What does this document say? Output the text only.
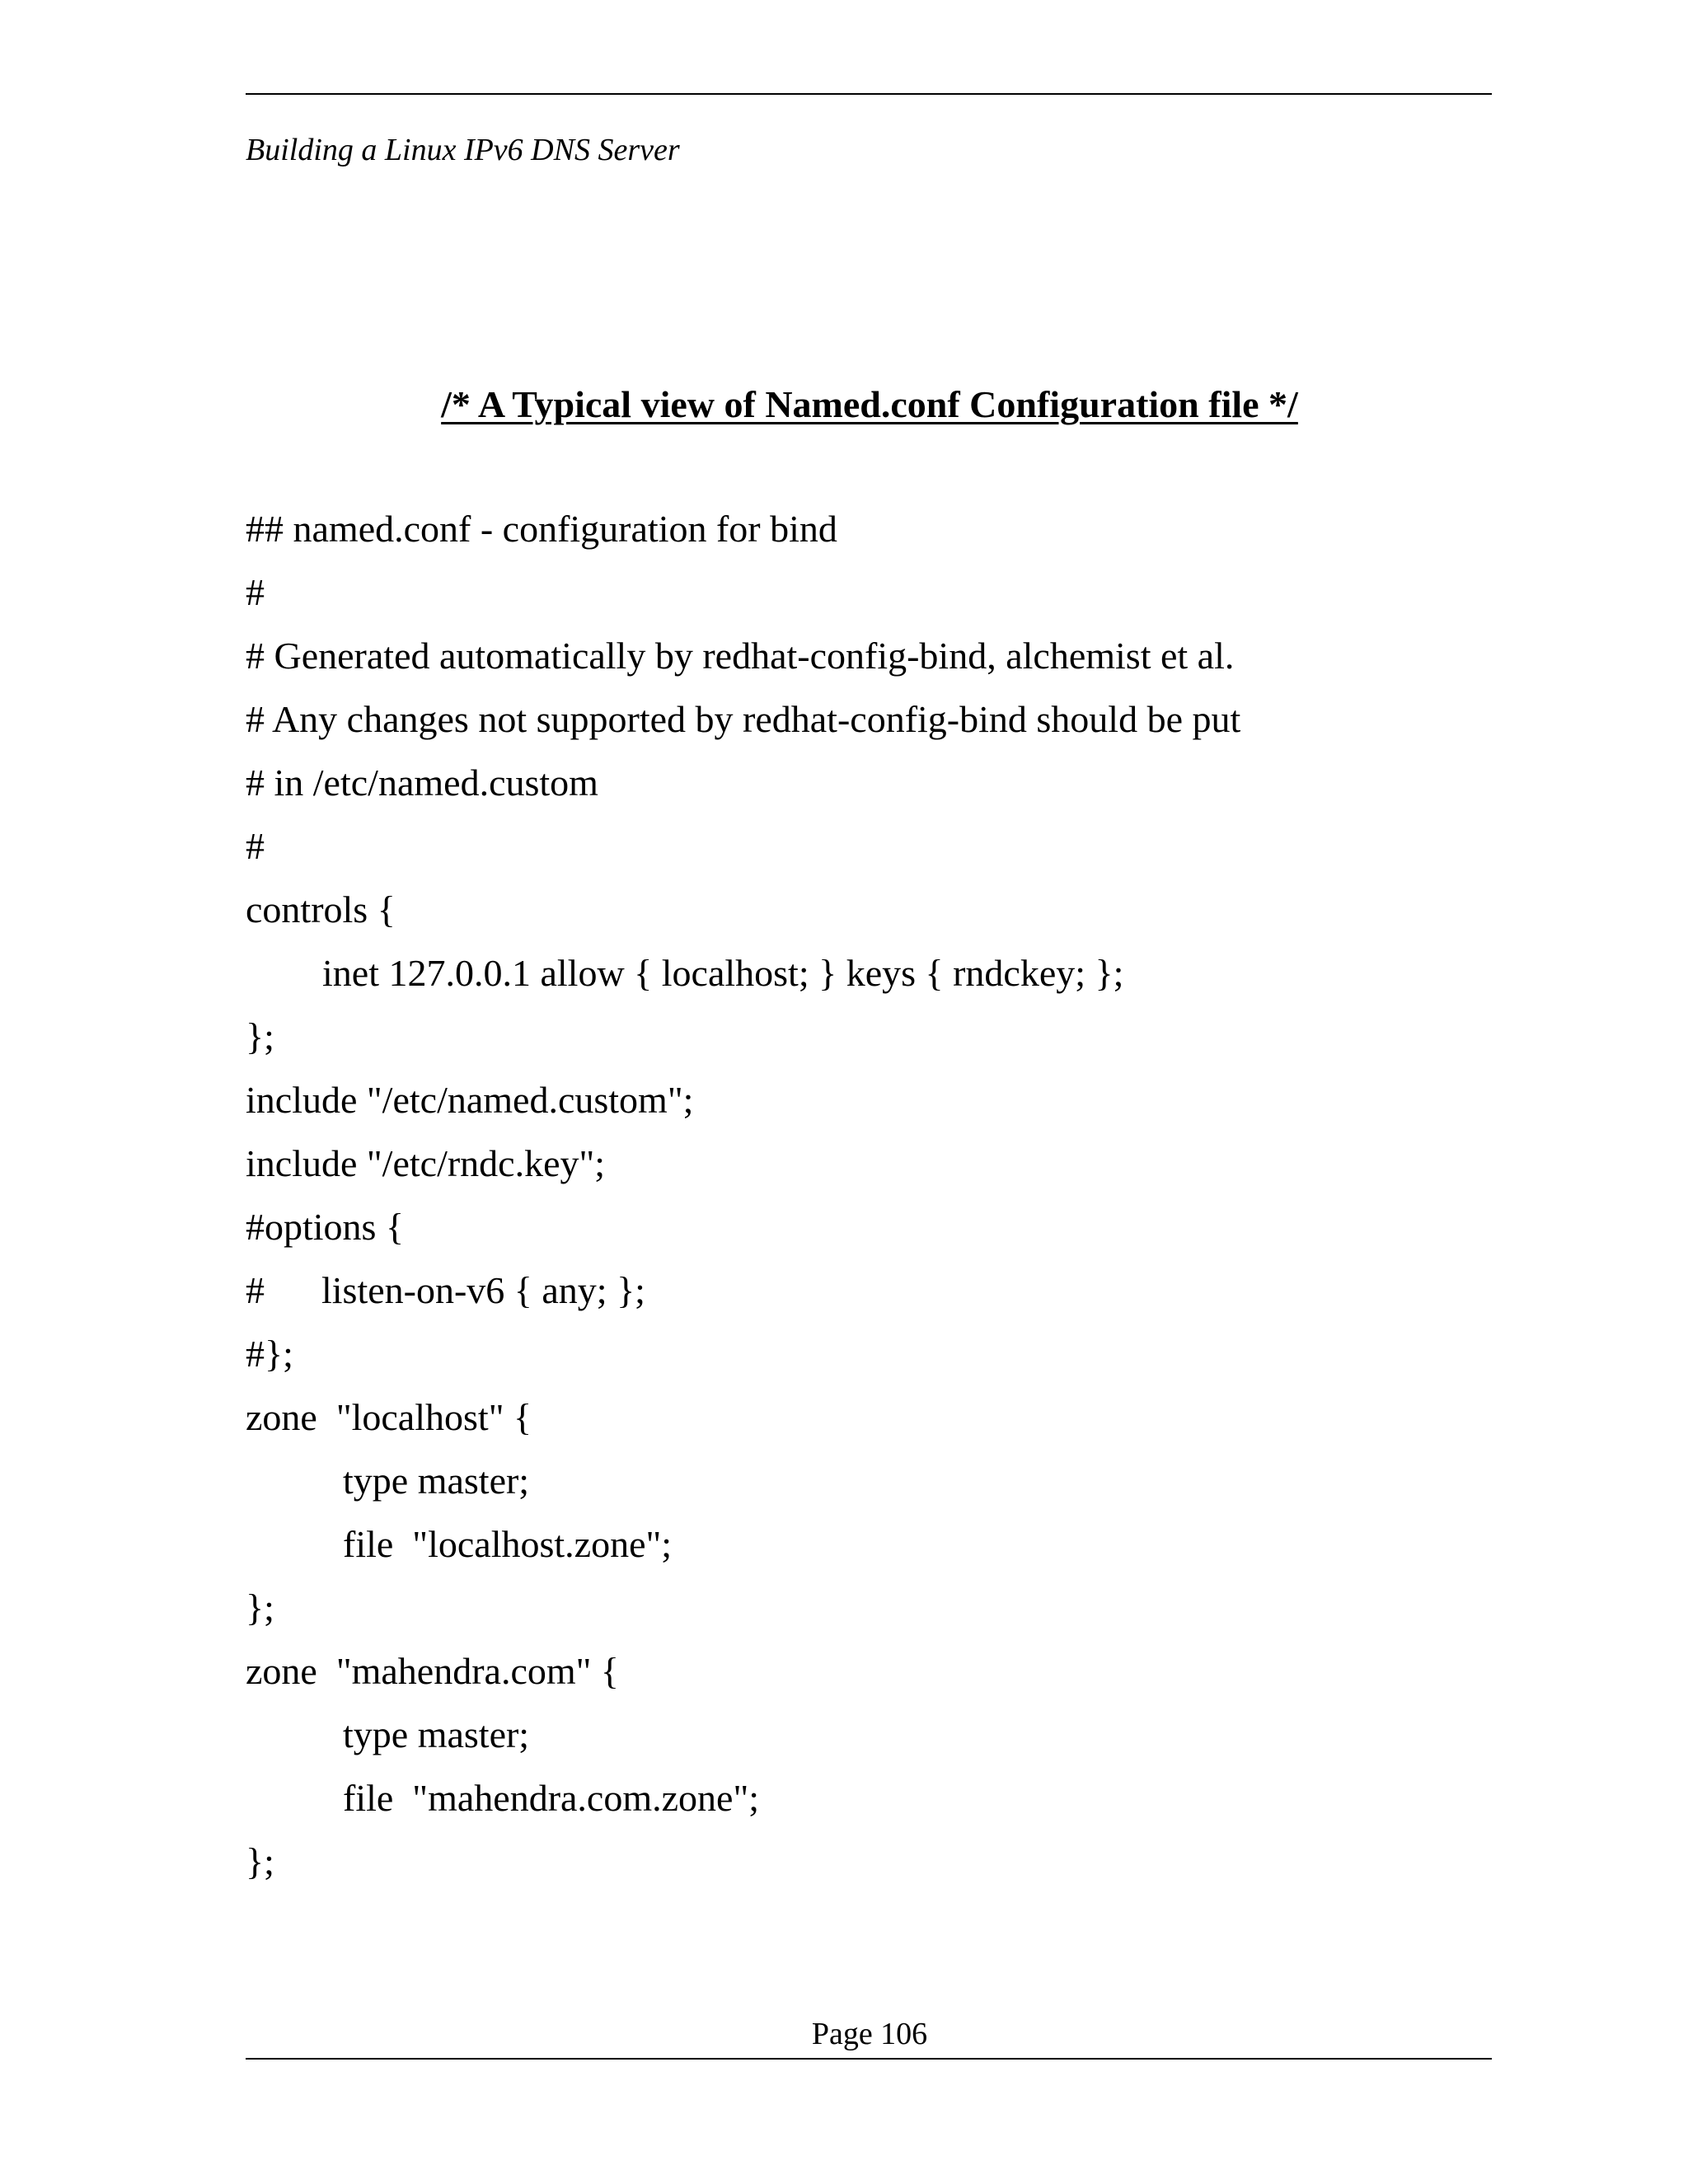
Building a Linux IPv6 DNS Server
/* A Typical view of Named.conf Configuration file */
## named.conf - configuration for bind
#
# Generated automatically by redhat-config-bind, alchemist et al.
# Any changes not supported by redhat-config-bind should be put
# in /etc/named.custom
#
controls {
inet 127.0.0.1 allow { localhost; } keys { rndckey; };
};
include "/etc/named.custom";
include "/etc/rndc.key";
#options {
#      listen-on-v6 { any; };
#};
zone  "localhost" {
type master;
file  "localhost.zone";
};
zone  "mahendra.com" {
type master;
file  "mahendra.com.zone";
};
Page 106
